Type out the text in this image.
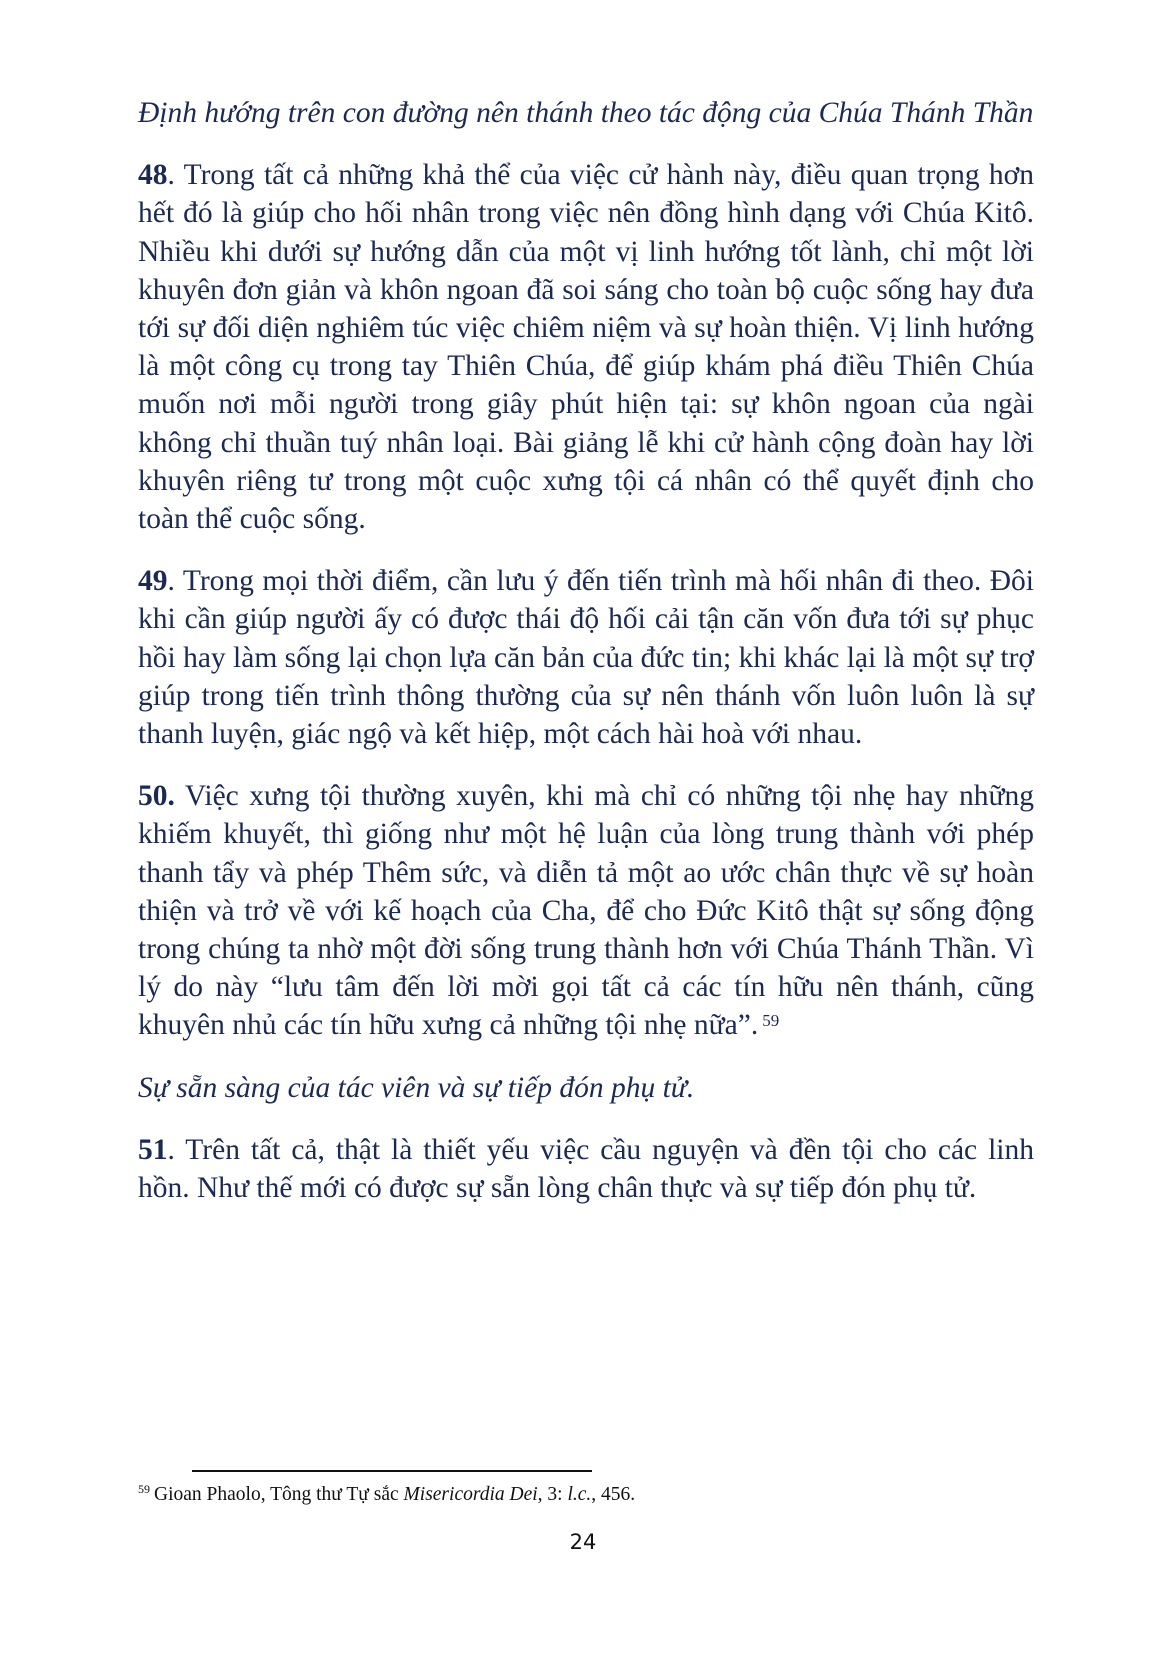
Định hướng trên con đường nên thánh theo tác động của Chúa Thánh Thần

48. Trong tất cả những khả thể của việc cử hành này, điều quan trọng hơn hết đó là giúp cho hối nhân trong việc nên đồng hình dạng với Chúa Kitô. Nhiều khi dưới sự hướng dẫn của một vị linh hướng tốt lành, chỉ một lời khuyên đơn giản và khôn ngoan đã soi sáng cho toàn bộ cuộc sống hay đưa tới sự đối diện nghiêm túc việc chiêm niệm và sự hoàn thiện. Vị linh hướng là một công cụ trong tay Thiên Chúa, để giúp khám phá điều Thiên Chúa muốn nơi mỗi người trong giây phút hiện tại: sự khôn ngoan của ngài không chỉ thuần tuý nhân loại. Bài giảng lễ khi cử hành cộng đoàn hay lời khuyên riêng tư trong một cuộc xưng tội cá nhân có thể quyết định cho toàn thể cuộc sống.

49. Trong mọi thời điểm, cần lưu ý đến tiến trình mà hối nhân đi theo. Đôi khi cần giúp người ấy có được thái độ hối cải tận căn vốn đưa tới sự phục hồi hay làm sống lại chọn lựa căn bản của đức tin; khi khác lại là một sự trợ giúp trong tiến trình thông thường của sự nên thánh vốn luôn luôn là sự thanh luyện, giác ngộ và kết hiệp, một cách hài hoà với nhau.

50. Việc xưng tội thường xuyên, khi mà chỉ có những tội nhẹ hay những khiếm khuyết, thì giống như một hệ luận của lòng trung thành với phép thanh tẩy và phép Thêm sức, và diễn tả một ao ước chân thực về sự hoàn thiện và trở về với kế hoạch của Cha, để cho Đức Kitô thật sự sống động trong chúng ta nhờ một đời sống trung thành hơn với Chúa Thánh Thần. Vì lý do này “lưu tâm đến lời mời gọi tất cả các tín hữu nên thánh, cũng khuyên nhủ các tín hữu xưng cả những tội nhẹ nữa”. $^{59}$

Sự sẵn sàng của tác viên và sự tiếp đón phụ tử.

51. Trên tất cả, thật là thiết yếu việc cầu nguyện và đền tội cho các linh hồn. Như thế mới có được sự sẵn lòng chân thực và sự tiếp đón phụ tử.

$^{59}$ Gioan Phaolo, Tông thư Tự sắc Misericordia Dei, 3: l.c., 456.
24
